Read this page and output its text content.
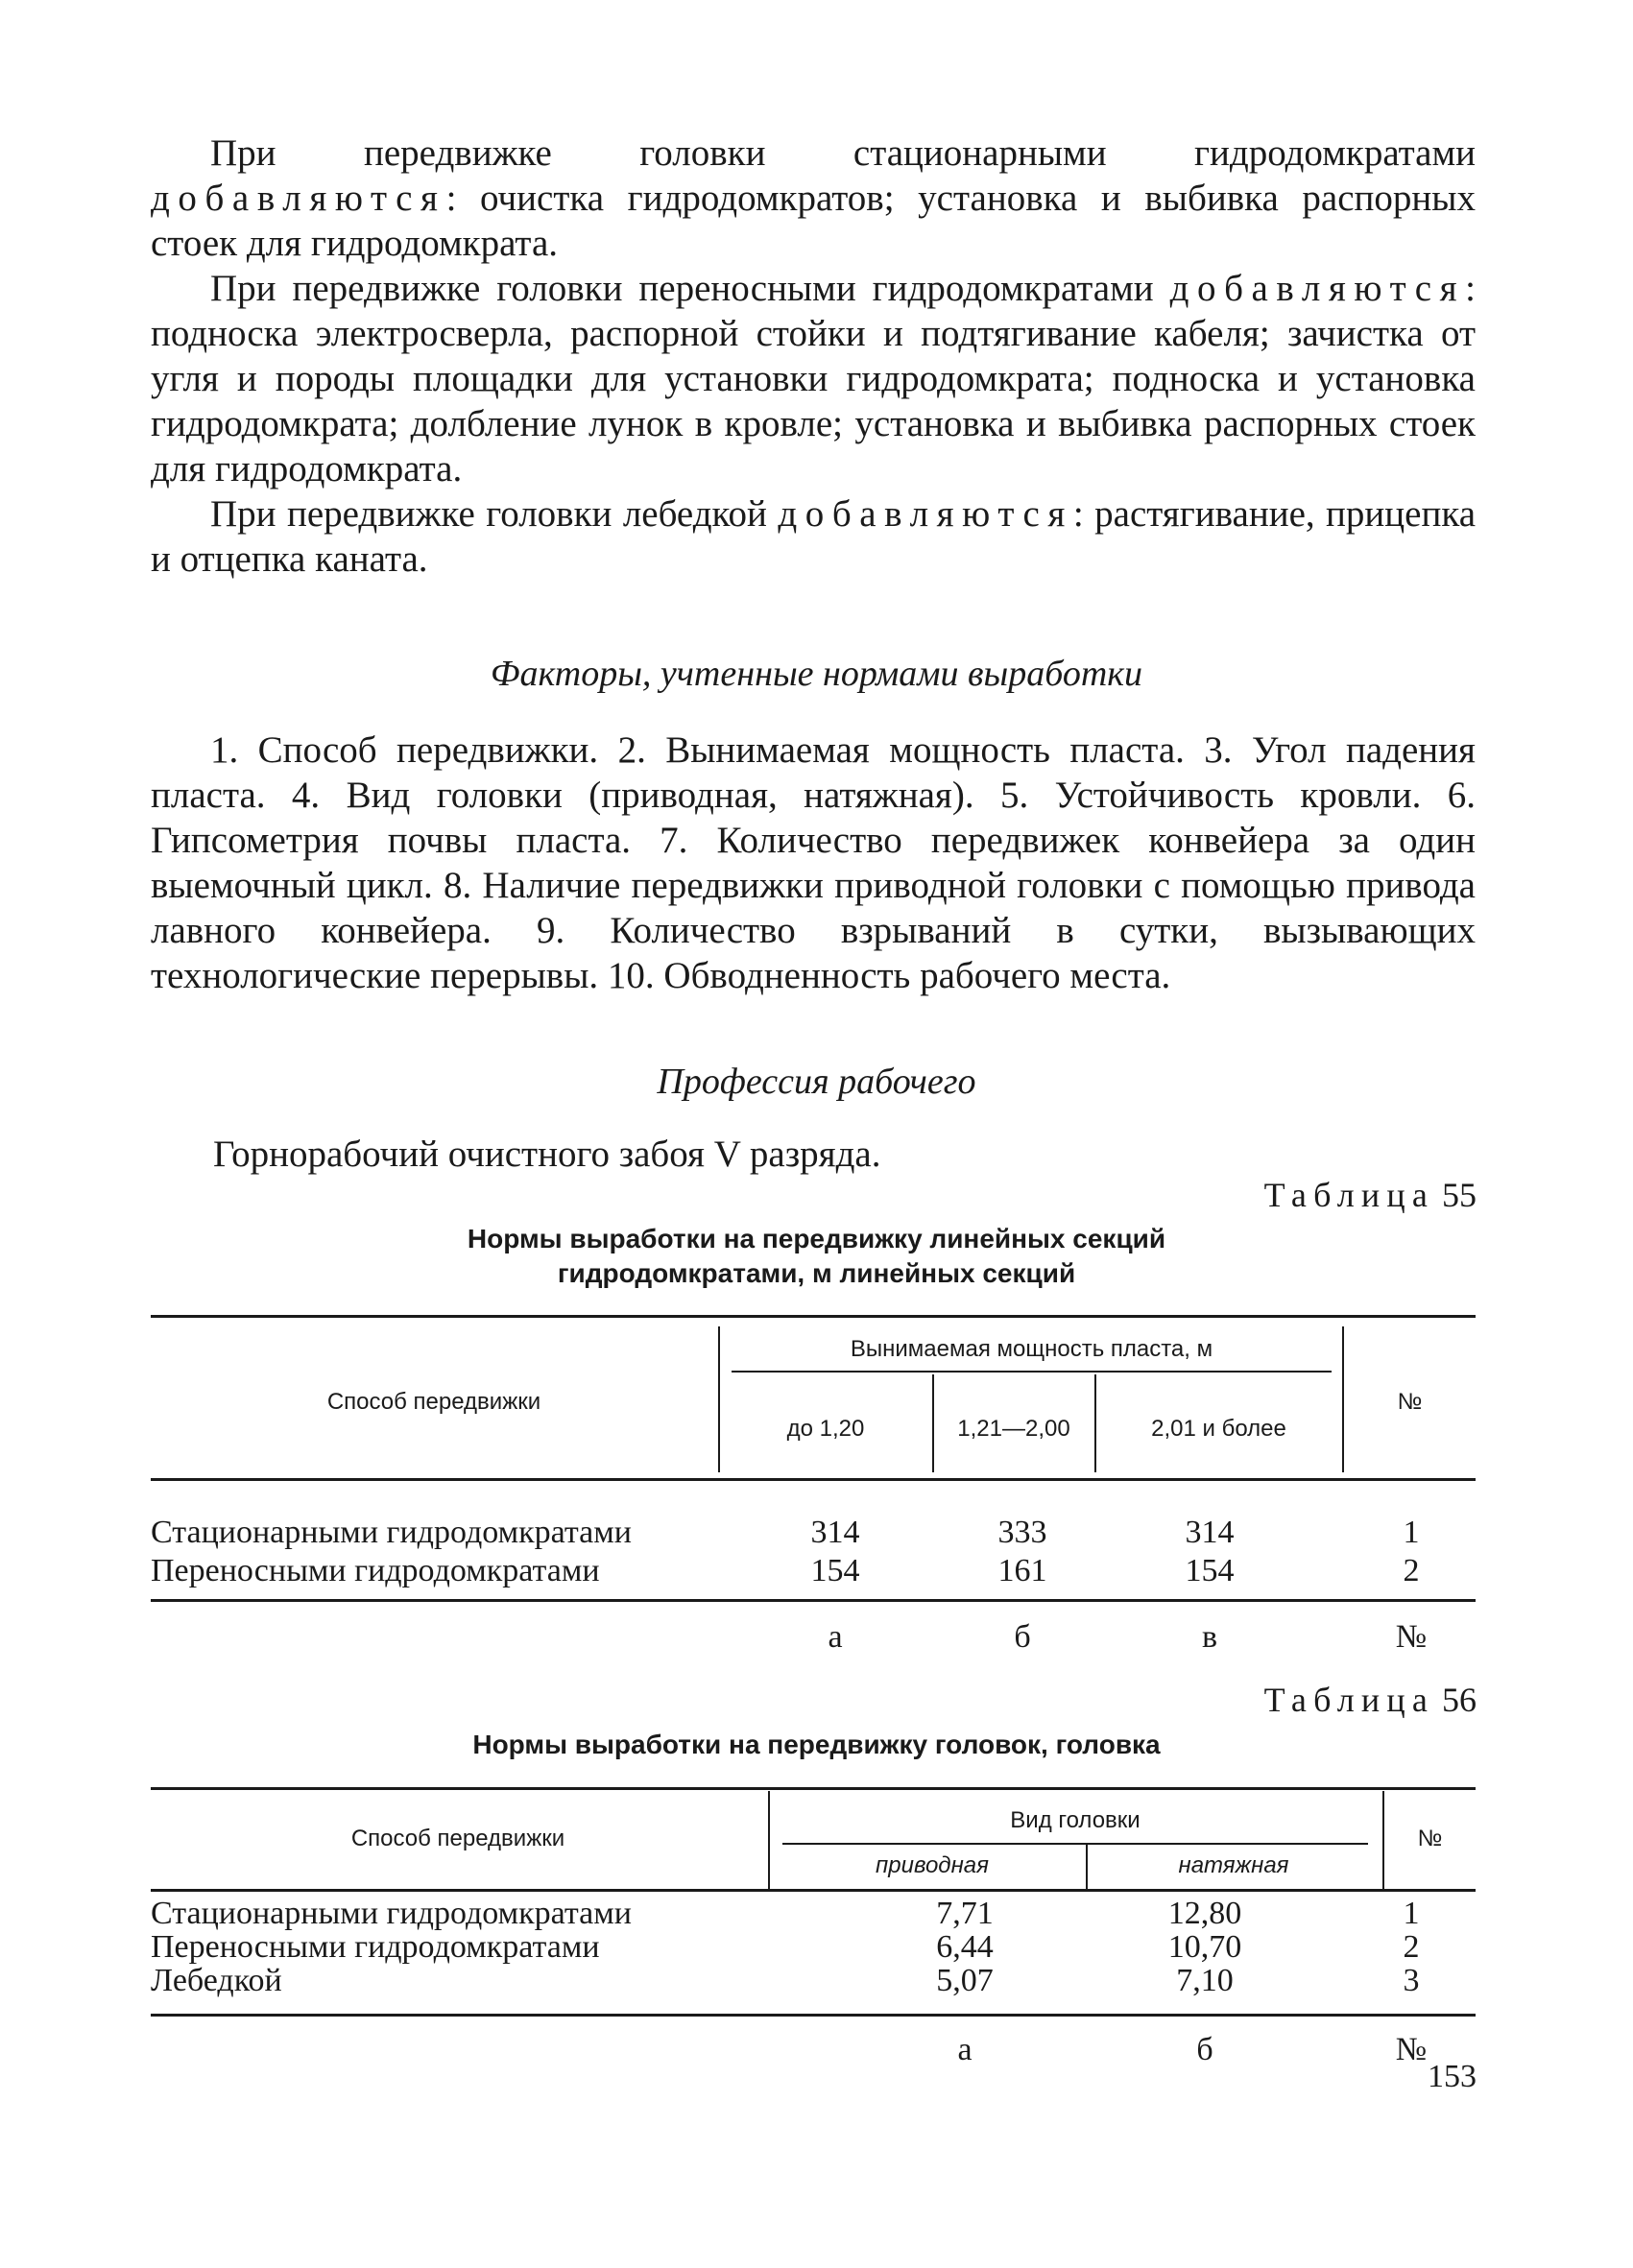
При передвижке головки стационарными гидродомкратами добавляются: очистка гидродомкратов; установка и выбивка распорных стоек для гидродомкрата.

При передвижке головки переносными гидродомкратами добавляются: подноска электросверла, распорной стойки и подтягивание кабеля; зачистка от угля и породы площадки для установки гидродомкрата; подноска и установка гидродомкрата; долбление лунок в кровле; установка и выбивка распорных стоек для гидродомкрата.

При передвижке головки лебедкой добавляются: растягивание, прицепка и отцепка каната.

Факторы, учтенные нормами выработки

1. Способ передвижки. 2. Вынимаемая мощность пласта. 3. Угол падения пласта. 4. Вид головки (приводная, натяжная). 5. Устойчивость кровли. 6. Гипсометрия почвы пласта. 7. Количество передвижек конвейера за один выемочный цикл. 8. Наличие передвижки приводной головки с помощью привода лавного конвейера. 9. Количество взрываний в сутки, вызывающих технологические перерывы. 10. Обводненность рабочего места.

Профессия рабочего

Горнорабочий очистного забоя V разряда.

Таблица 55

Нормы выработки на передвижку линейных секций

гидродомкратами, м линейных секций

Способ передвижки
Вынимаемая мощность пласта, м
до 1,20	1,21—2,00	2,01 и более
№
Стационарными гидродомкратами	314	333	314	1
Переносными гидродомкратами	154	161	154	2
а	б	в	№

Таблица 56

Нормы выработки на передвижку головок, головка

Способ передвижки
Вид головки
приводная	натяжная
№
Стационарными гидродомкратами	7,71	12,80	1
Переносными гидродомкратами	6,44	10,70	2
Лебедкой	5,07	7,10	3
а	б	№
153
